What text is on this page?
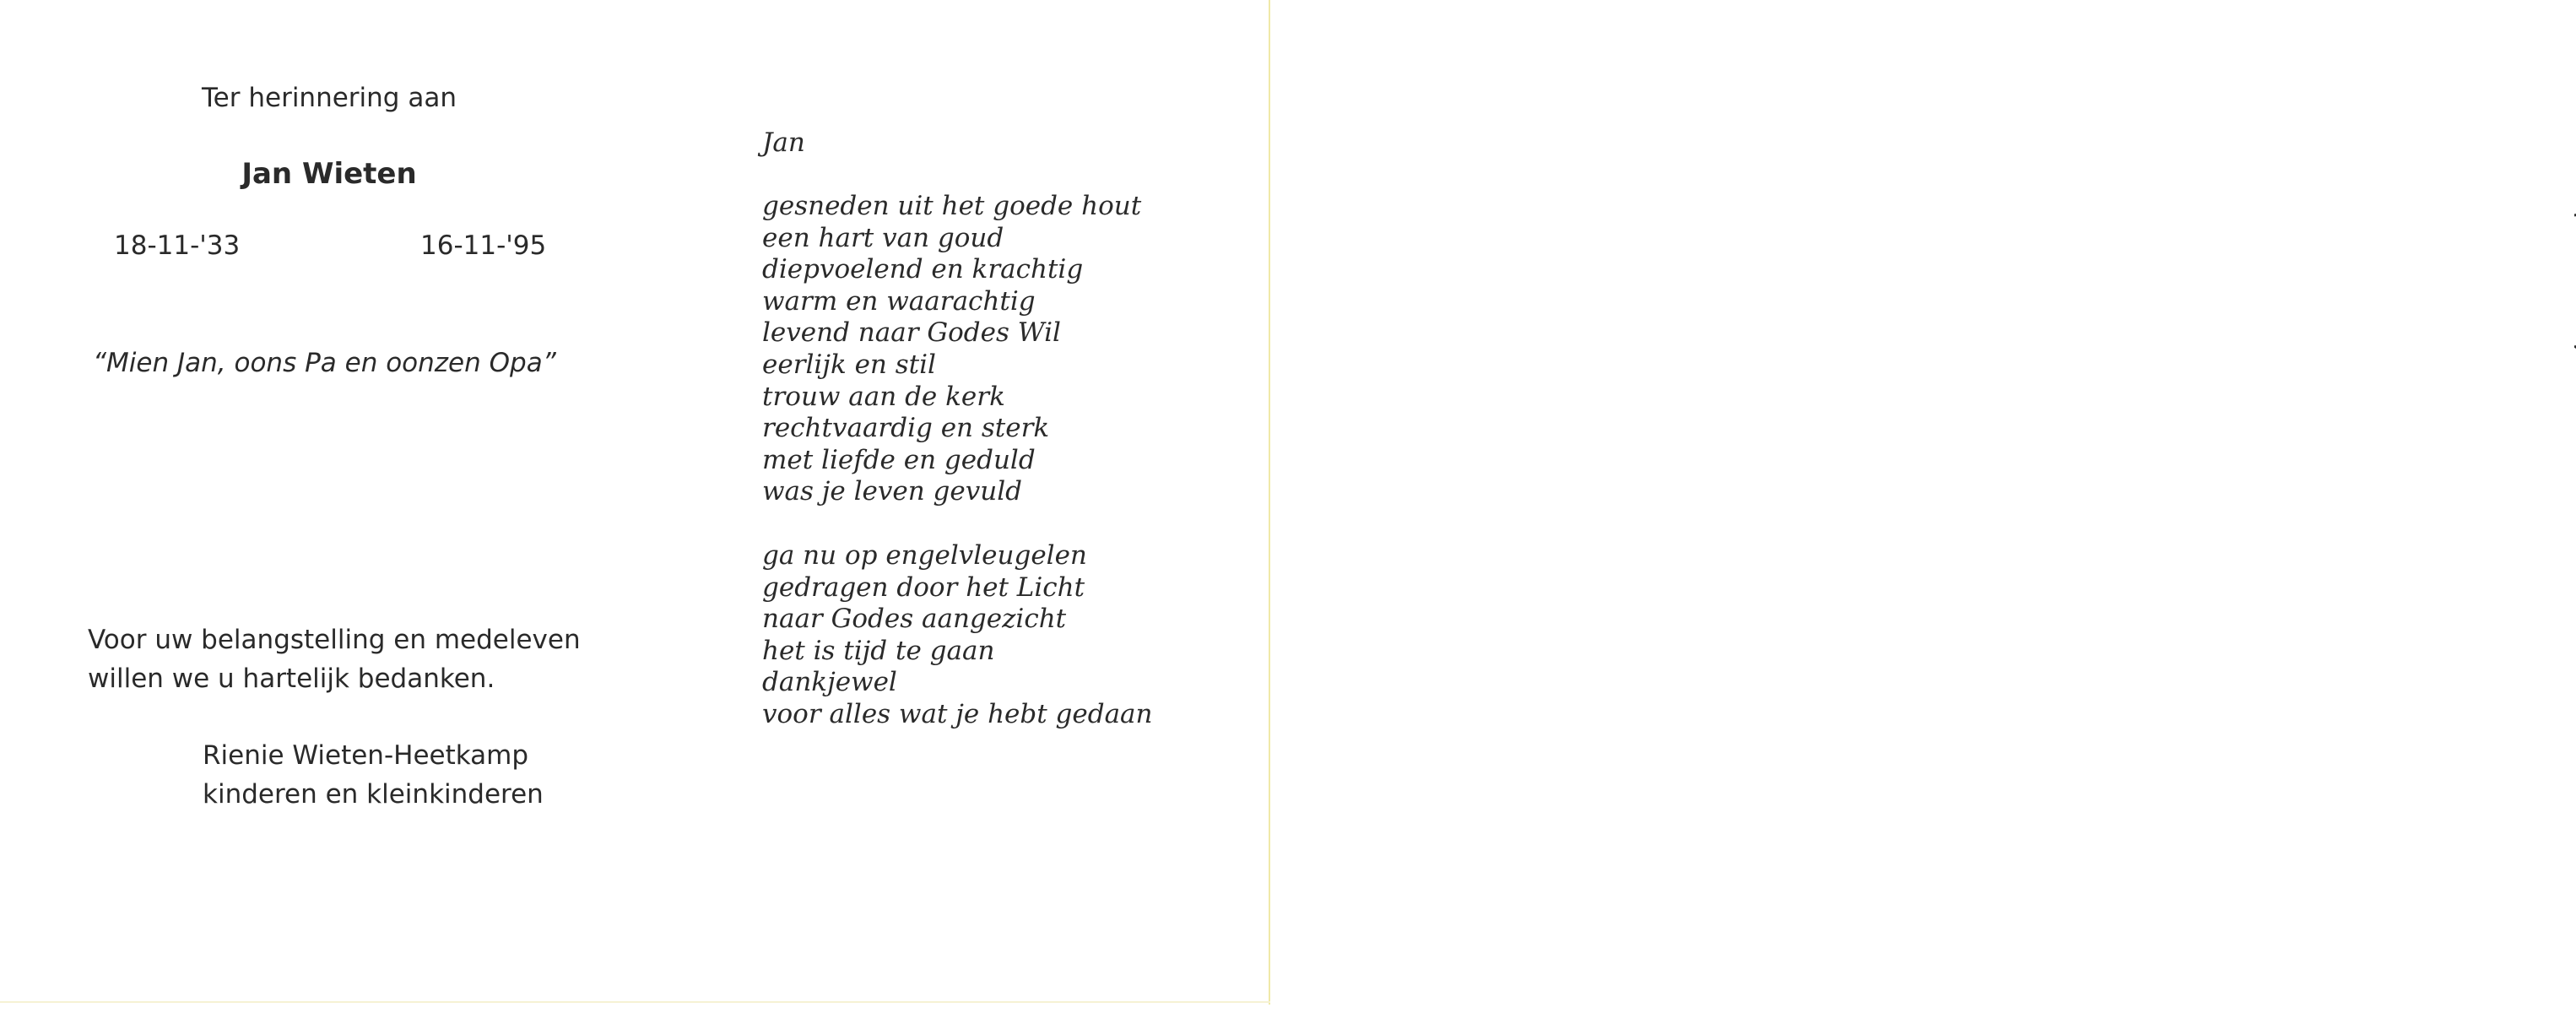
Ter herinnering aan
Jan Wieten
18-11-'33	16-11-'95
“Mien Jan, oons Pa en oonzen Opa”
Voor uw belangstelling en medeleven
willen we u hartelijk bedanken.
Rienie Wieten-Heetkamp
kinderen en kleinkinderen
Jan
gesneden uit het goede hout
een hart van goud
diepvoelend en krachtig
warm en waarachtig
levend naar Godes Wil
eerlijk en stil
trouw aan de kerk
rechtvaardig en sterk
met liefde en geduld
was je leven gevuld
ga nu op engelvleugelen
gedragen door het Licht
naar Godes aangezicht
het is tijd te gaan
dankjewel
voor alles wat je hebt gedaan
